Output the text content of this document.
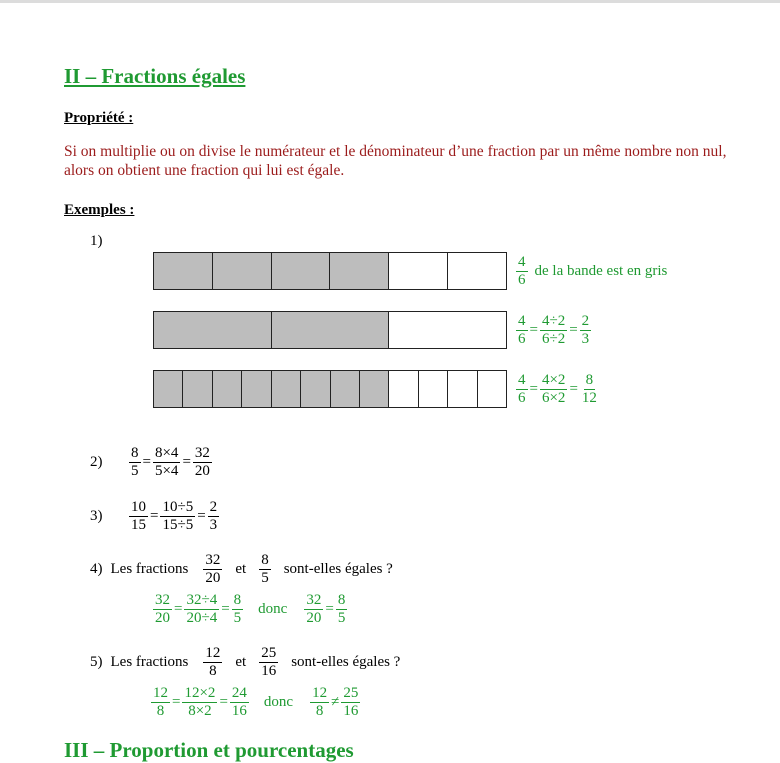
II – Fractions égales
Propriété :
Si on multiplie ou on divise le numérateur et le dénominateur d’une fraction par un même nombre non nul, alors on obtient une fraction qui lui est égale.
Exemples :
1)
$\frac{4}{6}$ de la bande est en gris
$\frac{4}{6} = \frac{4\div 2}{6\div 2} = \frac{2}{3}$
$\frac{4}{6} = \frac{4\times 2}{6\times 2} = \frac{8}{12}$
$2) \frac{8}{5} = \frac{8\times 4}{5\times 4} = \frac{32}{20}$
$3) \frac{10}{15} = \frac{10\div 5}{15\div 5} = \frac{2}{3}$
4) Les fractions $\frac{32}{20}$ et $\frac{8}{5}$ sont-elles égales ?
$\frac{32}{20} = \frac{32\div 4}{20\div 4} = \frac{8}{5}$ donc $\frac{32}{20} = \frac{8}{5}$
5) Les fractions $\frac{12}{8}$ et $\frac{25}{16}$ sont-elles égales ?
$\frac{12}{8} = \frac{12\times 2}{8\times 2} = \frac{24}{16}$ donc $\frac{12}{8} \ne \frac{25}{16}$
III – Proportion et pourcentages
